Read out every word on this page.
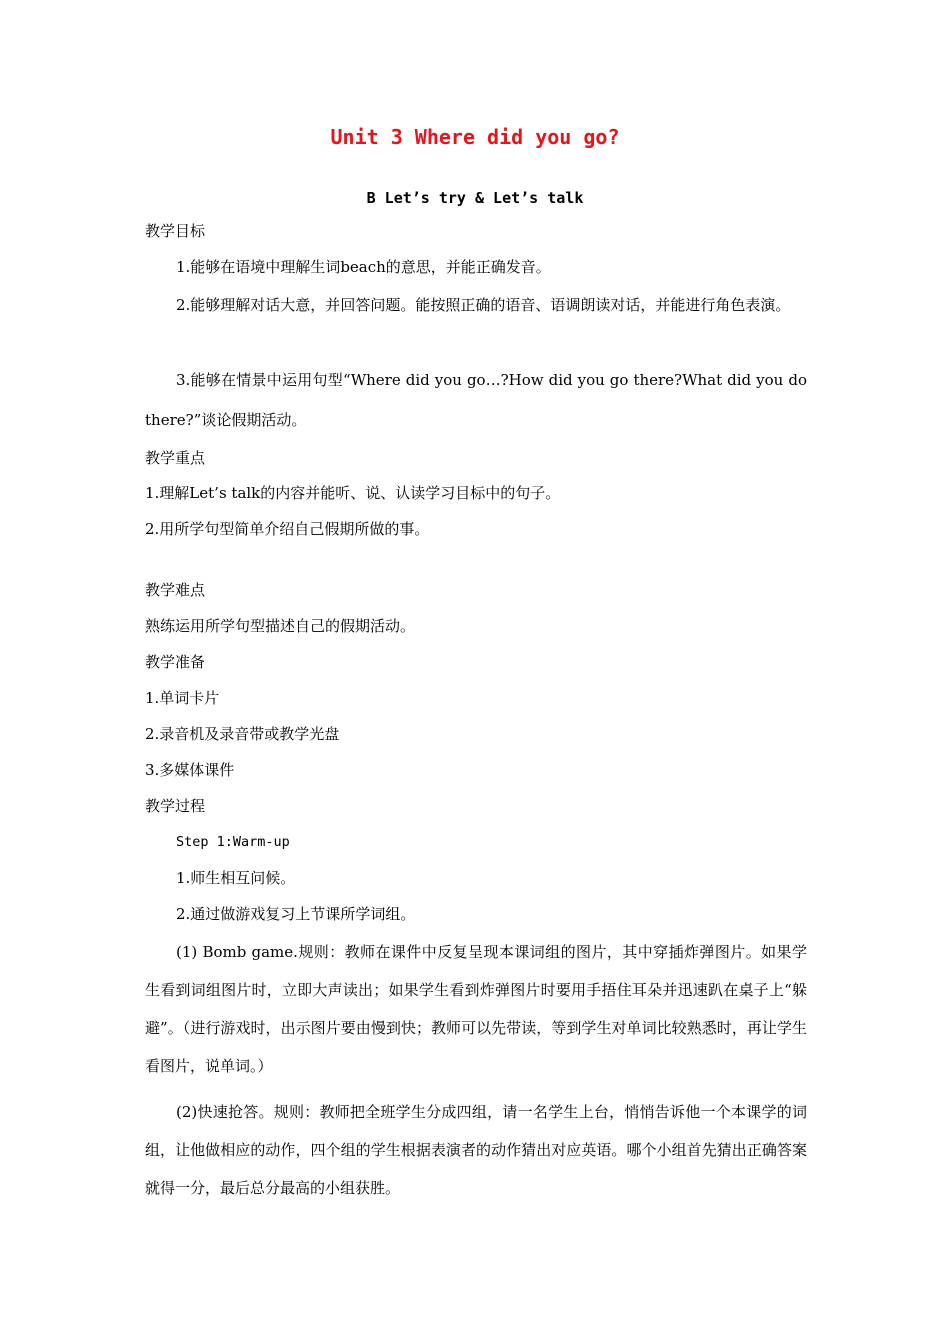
Unit 3 Where did you go?
B Let’s try & Let’s talk
教学目标
1.能够在语境中理解生词beach的意思，并能正确发音。
2.能够理解对话大意，并回答问题。能按照正确的语音、语调朗读对话，并能进行角色表演。
3.能够在情景中运用句型“Where did you go…?How did you go there?What did you do there?”谈论假期活动。
教学重点
1.理解Let’s talk的内容并能听、说、认读学习目标中的句子。
2.用所学句型简单介绍自己假期所做的事。
教学难点
熟练运用所学句型描述自己的假期活动。
教学准备
1.单词卡片
2.录音机及录音带或教学光盘
3.多媒体课件
教学过程
Step 1:Warm-up
1.师生相互问候。
2.通过做游戏复习上节课所学词组。
(1) Bomb game.规则：教师在课件中反复呈现本课词组的图片，其中穿插炸弹图片。如果学生看到词组图片时，立即大声读出；如果学生看到炸弹图片时要用手捂住耳朵并迅速趴在桌子上“躲避”。（进行游戏时，出示图片要由慢到快；教师可以先带读，等到学生对单词比较熟悉时，再让学生看图片，说单词。）
(2)快速抢答。规则：教师把全班学生分成四组，请一名学生上台，悄悄告诉他一个本课学的词组，让他做相应的动作，四个组的学生根据表演者的动作猜出对应英语。哪个小组首先猜出正确答案就得一分，最后总分最高的小组获胜。
